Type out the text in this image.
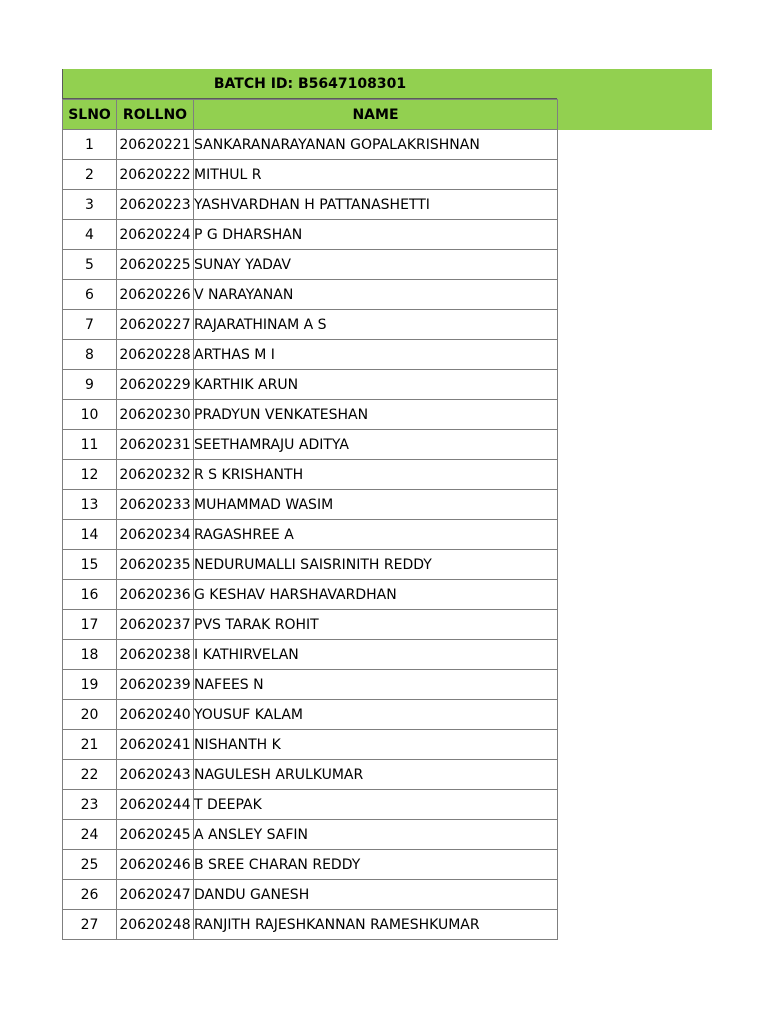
BATCH ID: B5647108301
SLNO	ROLLNO	NAME
1	20620221	SANKARANARAYANAN GOPALAKRISHNAN
2	20620222	MITHUL R
3	20620223	YASHVARDHAN H PATTANASHETTI
4	20620224	P G DHARSHAN
5	20620225	SUNAY YADAV
6	20620226	V NARAYANAN
7	20620227	RAJARATHINAM A S
8	20620228	ARTHAS M I
9	20620229	KARTHIK ARUN
10	20620230	PRADYUN VENKATESHAN
11	20620231	SEETHAMRAJU ADITYA
12	20620232	R S KRISHANTH
13	20620233	MUHAMMAD WASIM
14	20620234	RAGASHREE A
15	20620235	NEDURUMALLI SAISRINITH REDDY
16	20620236	G KESHAV HARSHAVARDHAN
17	20620237	PVS TARAK ROHIT
18	20620238	I KATHIRVELAN
19	20620239	NAFEES N
20	20620240	YOUSUF KALAM
21	20620241	NISHANTH K
22	20620243	NAGULESH ARULKUMAR
23	20620244	T DEEPAK
24	20620245	A ANSLEY SAFIN
25	20620246	B SREE CHARAN REDDY
26	20620247	DANDU GANESH
27	20620248	RANJITH RAJESHKANNAN RAMESHKUMAR
